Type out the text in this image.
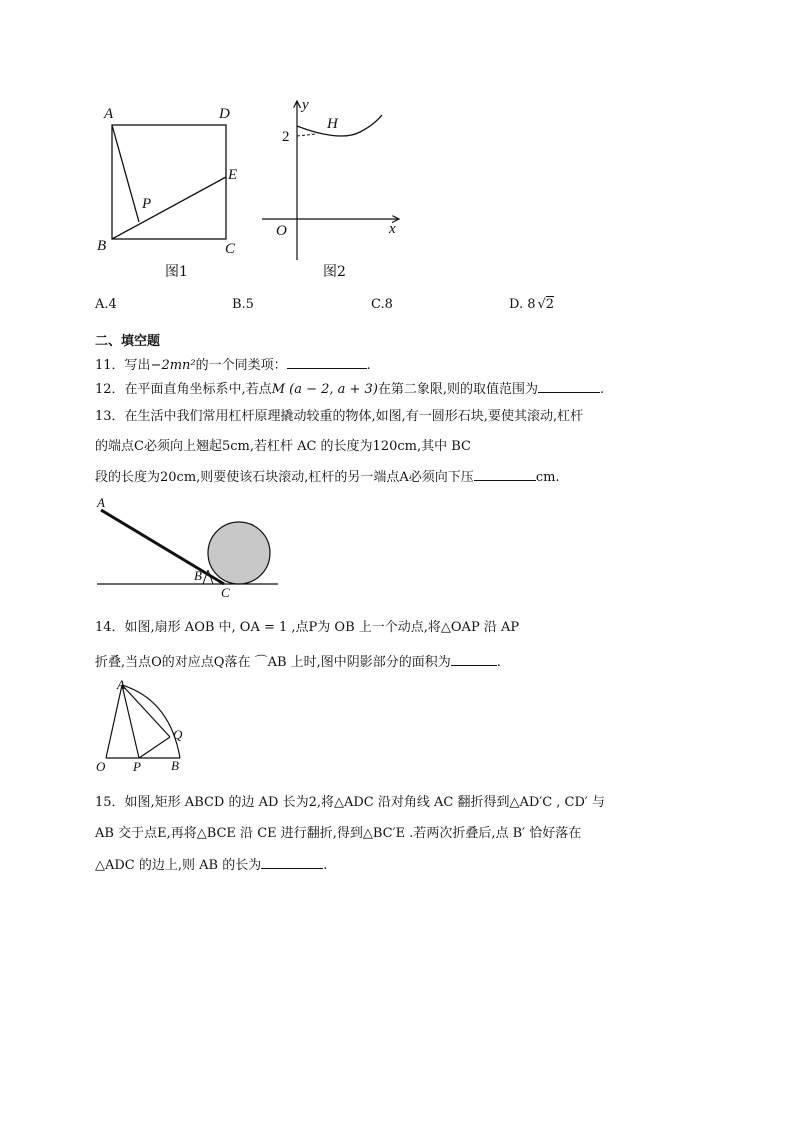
A	D
E
P
B	C
图1
y
H
2
O	x
图2
A.4	B.5	C.8	D. 8 √2
二、填空题
11．写出−2mn²的一个同类项：	.
12．在平面直角坐标系中,若点M (a − 2, a + 3)在第二象限,则的取值范围为	.
13．在生活中我们常用杠杆原理撬动较重的物体,如图,有一圆形石块,要使其滚动,杠杆
的端点C必须向上翘起5cm,若杠杆 AC 的长度为120cm,其中 BC
段的长度为20cm,则要使该石块滚动,杠杆的另一端点A必须向下压	cm.
A
B
C
14．如图,扇形 AOB 中, OA = 1 ,点P为 OB 上一个动点,将△OAP 沿 AP
折叠,当点O的对应点Q落在 ⌒AB 上时,图中阴影部分的面积为	.
A
Q
O P B
15．如图,矩形 ABCD 的边 AD 长为2,将△ADC 沿对角线 AC 翻折得到△AD′C , CD′ 与
AB 交于点E,再将△BCE 沿 CE 进行翻折,得到△BC′E .若两次折叠后,点 B′ 恰好落在
△ADC 的边上,则 AB 的长为	.
